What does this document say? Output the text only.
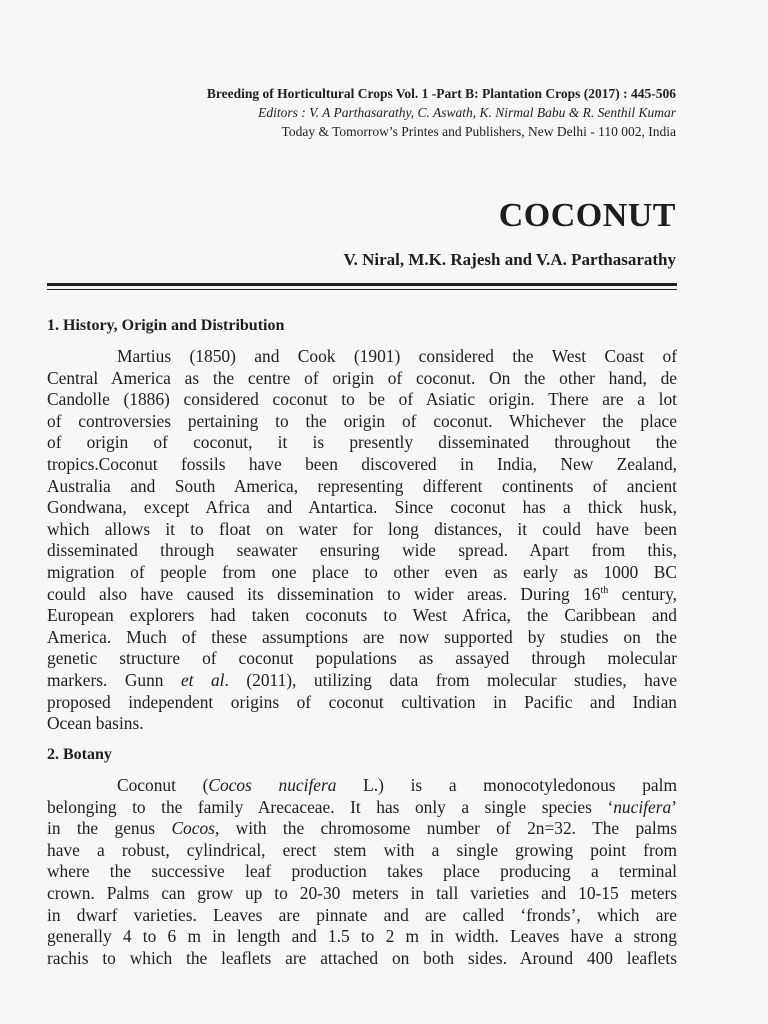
Breeding of Horticultural Crops Vol. 1 -Part B: Plantation Crops (2017) : 445-506
Editors : V. A Parthasarathy, C. Aswath, K. Nirmal Babu & R. Senthil Kumar
Today & Tomorrow’s Printes and Publishers, New Delhi - 110 002, India
COCONUT
V. Niral, M.K. Rajesh and V.A. Parthasarathy
1. History, Origin and Distribution
Martius (1850) and Cook (1901) considered the West Coast of
Central America as the centre of origin of coconut. On the other hand, de
Candolle (1886) considered coconut to be of Asiatic origin. There are a lot
of controversies pertaining to the origin of coconut. Whichever the place
of origin of coconut, it is presently disseminated throughout the
tropics.Coconut fossils have been discovered in India, New Zealand,
Australia and South America, representing different continents of ancient
Gondwana, except Africa and Antartica. Since coconut has a thick husk,
which allows it to float on water for long distances, it could have been
disseminated through seawater ensuring wide spread. Apart from this,
migration of people from one place to other even as early as 1000 BC
could also have caused its dissemination to wider areas. During 16th century,
European explorers had taken coconuts to West Africa, the Caribbean and
America. Much of these assumptions are now supported by studies on the
genetic structure of coconut populations as assayed through molecular
markers. Gunn et al. (2011), utilizing data from molecular studies, have
proposed independent origins of coconut cultivation in Pacific and Indian
Ocean basins.
2. Botany
Coconut (Cocos nucifera L.) is a monocotyledonous palm
belonging to the family Arecaceae. It has only a single species ‘nucifera’
in the genus Cocos, with the chromosome number of 2n=32. The palms
have a robust, cylindrical, erect stem with a single growing point from
where the successive leaf production takes place producing a terminal
crown. Palms can grow up to 20-30 meters in tall varieties and 10-15 meters
in dwarf varieties. Leaves are pinnate and are called ‘fronds’, which are
generally 4 to 6 m in length and 1.5 to 2 m in width. Leaves have a strong
rachis to which the leaflets are attached on both sides. Around 400 leaflets
